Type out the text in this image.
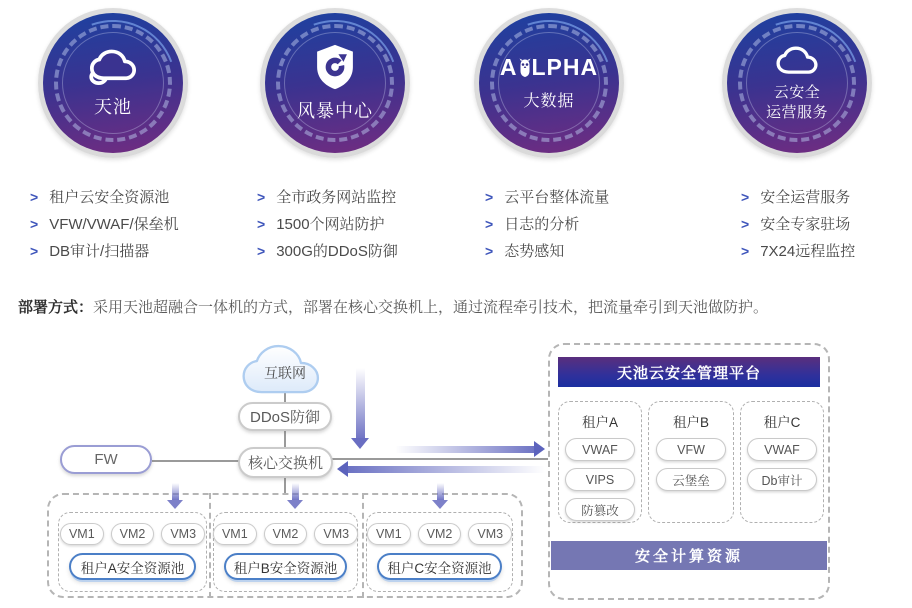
天池	风暴中心
A LPHA
大数据	云安全
运营服务
> 租户云安全资源池
> VFW/VWAF/保垒机
> DB审计/扫描器
> 全市政务网站监控
> 1500个网站防护
> 300G的DDoS防御
> 云平台整体流量
> 日志的分析
> 态势感知
> 安全运营服务
> 安全专家驻场
> 7X24远程监控
部署方式：采用天池超融合一体机的方式，部署在核心交换机上，通过流程牵引技术，把流量牵引到天池做防护。
互联网
DDoS防御
核心交换机
FW
VM1	VM2	VM3
租户A安全资源池
VM1	VM2	VM3
租户B安全资源池
VM1	VM2	VM3
租户C安全资源池
天池云安全管理平台
租户A
VWAF
VIPS
防篡改
租户B
VFW
云堡垒
租户C
VWAF
Db审计
安全计算资源
